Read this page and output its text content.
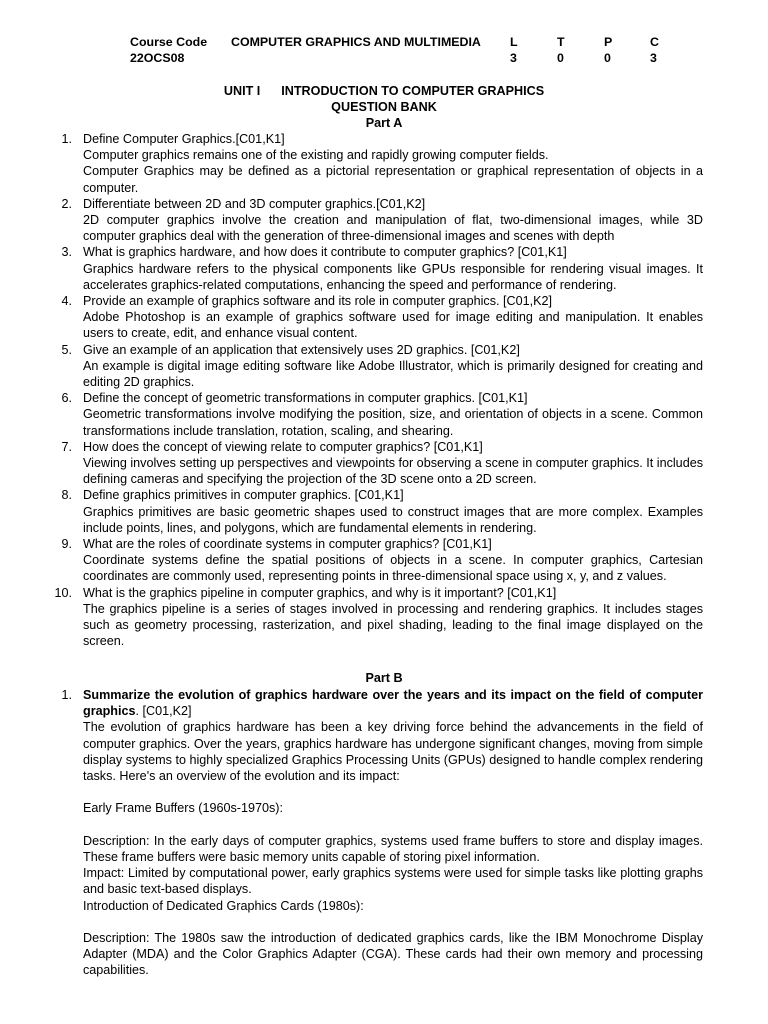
Course Code
22OCS08
COMPUTER GRAPHICS AND MULTIMEDIA L
3
T
0
P
0
C
3
UNIT I      INTRODUCTION TO COMPUTER GRAPHICS
QUESTION BANK
Part A
1. Define Computer Graphics.[C01,K1]
Computer graphics remains one of the existing and rapidly growing computer fields.
Computer Graphics may be defined as a pictorial representation or graphical representation of objects in a computer.
2. Differentiate between 2D and 3D computer graphics.[C01,K2]
2D computer graphics involve the creation and manipulation of flat, two-dimensional images, while 3D computer graphics deal with the generation of three-dimensional images and scenes with depth
3. What is graphics hardware, and how does it contribute to computer graphics? [C01,K1]
Graphics hardware refers to the physical components like GPUs responsible for rendering visual images. It accelerates graphics-related computations, enhancing the speed and performance of rendering.
4. Provide an example of graphics software and its role in computer graphics. [C01,K2]
Adobe Photoshop is an example of graphics software used for image editing and manipulation. It enables users to create, edit, and enhance visual content.
5. Give an example of an application that extensively uses 2D graphics. [C01,K2]
An example is digital image editing software like Adobe Illustrator, which is primarily designed for creating and editing 2D graphics.
6. Define the concept of geometric transformations in computer graphics. [C01,K1]
Geometric transformations involve modifying the position, size, and orientation of objects in a scene. Common transformations include translation, rotation, scaling, and shearing.
7. How does the concept of viewing relate to computer graphics? [C01,K1]
Viewing involves setting up perspectives and viewpoints for observing a scene in computer graphics. It includes defining cameras and specifying the projection of the 3D scene onto a 2D screen.
8. Define graphics primitives in computer graphics. [C01,K1]
Graphics primitives are basic geometric shapes used to construct images that are more complex. Examples include points, lines, and polygons, which are fundamental elements in rendering.
9. What are the roles of coordinate systems in computer graphics? [C01,K1]
Coordinate systems define the spatial positions of objects in a scene. In computer graphics, Cartesian coordinates are commonly used, representing points in three-dimensional space using x, y, and z values.
10. What is the graphics pipeline in computer graphics, and why is it important? [C01,K1]
The graphics pipeline is a series of stages involved in processing and rendering graphics. It includes stages such as geometry processing, rasterization, and pixel shading, leading to the final image displayed on the screen.
Part B
1. Summarize the evolution of graphics hardware over the years and its impact on the field of computer graphics. [C01,K2]
The evolution of graphics hardware has been a key driving force behind the advancements in the field of computer graphics. Over the years, graphics hardware has undergone significant changes, moving from simple display systems to highly specialized Graphics Processing Units (GPUs) designed to handle complex rendering tasks. Here's an overview of the evolution and its impact:
Early Frame Buffers (1960s-1970s):
Description: In the early days of computer graphics, systems used frame buffers to store and display images. These frame buffers were basic memory units capable of storing pixel information.
Impact: Limited by computational power, early graphics systems were used for simple tasks like plotting graphs and basic text-based displays.
Introduction of Dedicated Graphics Cards (1980s):
Description: The 1980s saw the introduction of dedicated graphics cards, like the IBM Monochrome Display Adapter (MDA) and the Color Graphics Adapter (CGA). These cards had their own memory and processing capabilities.
